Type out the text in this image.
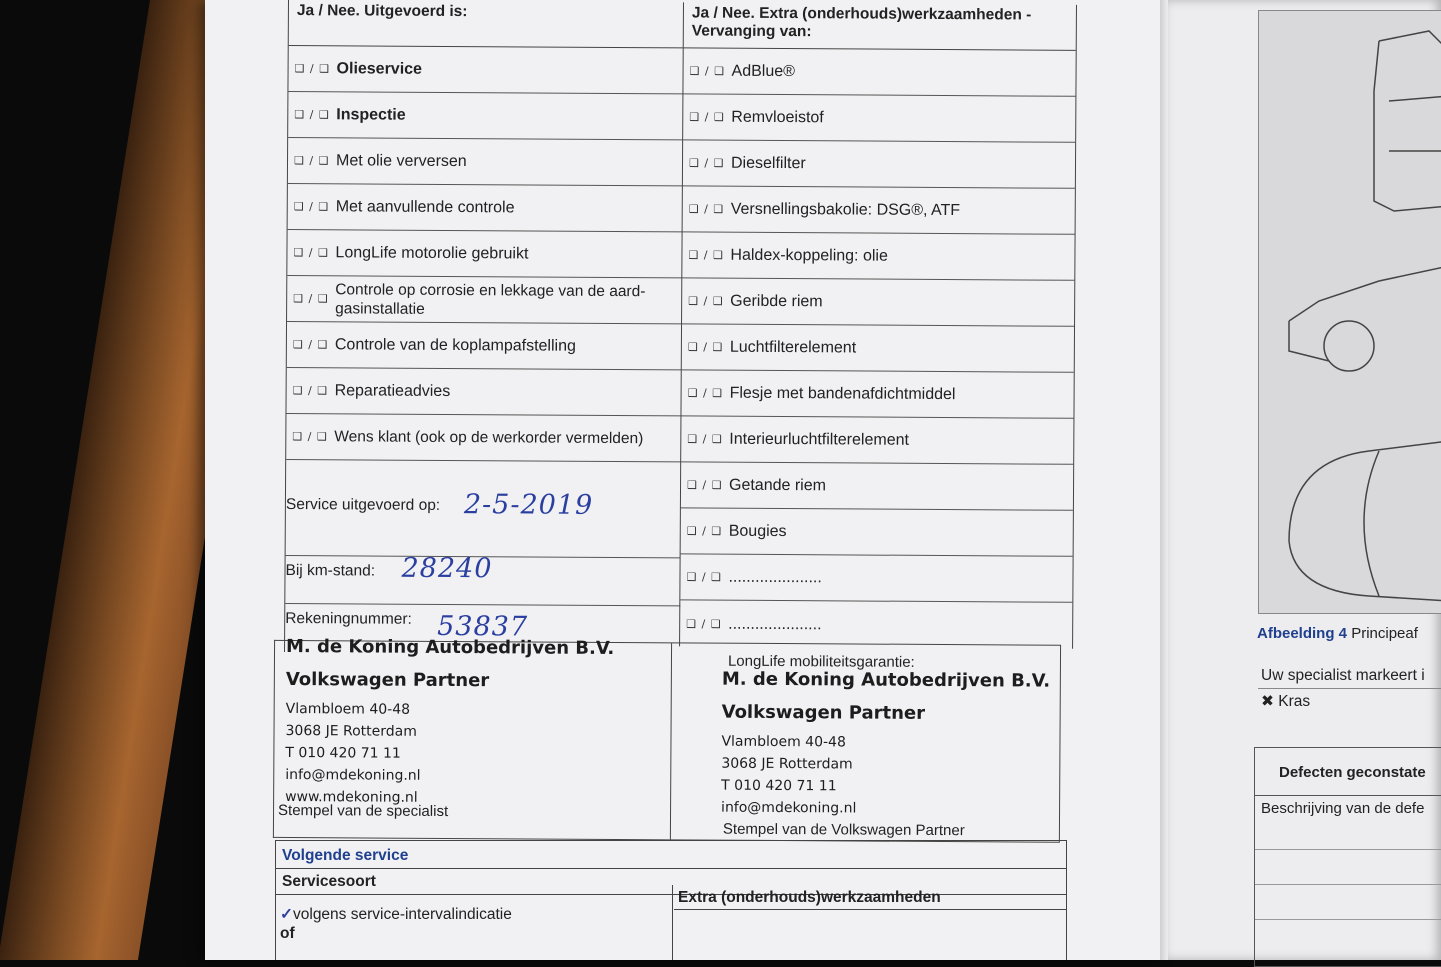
Ja / Nee. Uitgevoerd is:
❑ / ❑ Olieservice
❑ / ❑ Inspectie
❑ / ❑ Met olie verversen
❑ / ❑ Met aanvullende controle
❑ / ❑ LongLife motorolie gebruikt
❑ / ❑ Controle op corrosie en lekkage van de aard-gasinstallatie
❑ / ❑ Controle van de koplampafstelling
❑ / ❑ Reparatieadvies
❑ / ❑ Wens klant (ook op de werkorder vermelden)
Service uitgevoerd op: 2-5-2019
Bij km-stand: 28240
Rekeningnummer: 53837
Ja / Nee. Extra (onderhouds)werkzaamheden - Vervanging van:
❑ / ❑ AdBlue®
❑ / ❑ Remvloeistof
❑ / ❑ Dieselfilter
❑ / ❑ Versnellingsbakolie: DSG®, ATF
❑ / ❑ Haldex-koppeling: olie
❑ / ❑ Geribde riem
❑ / ❑ Luchtfilterelement
❑ / ❑ Flesje met bandenafdichtmiddel
❑ / ❑ Interieurluchtfilterelement
❑ / ❑ Getande riem
❑ / ❑ Bougies
❑ / ❑ .....................
❑ / ❑ .....................
M. de Koning Autobedrijven B.V.
Volkswagen Partner
Vlambloem 40-48
3068 JE Rotterdam
T 010 420 71 11
info@mdekoning.nl
www.mdekoning.nl
Stempel van de specialist
LongLife mobiliteitsgarantie:
M. de Koning Autobedrijven B.V.
Volkswagen Partner
Vlambloem 40-48
3068 JE Rotterdam
T 010 420 71 11
info@mdekoning.nl
Stempel van de Volkswagen Partner
Volgende service
Servicesoort
Extra (onderhouds)werkzaamheden
✓volgens service-intervalindicatie
of
Afbeelding 4 Principeaf
Uw specialist markeert i
✖ Kras
Defecten geconstate
Beschrijving van de defe
